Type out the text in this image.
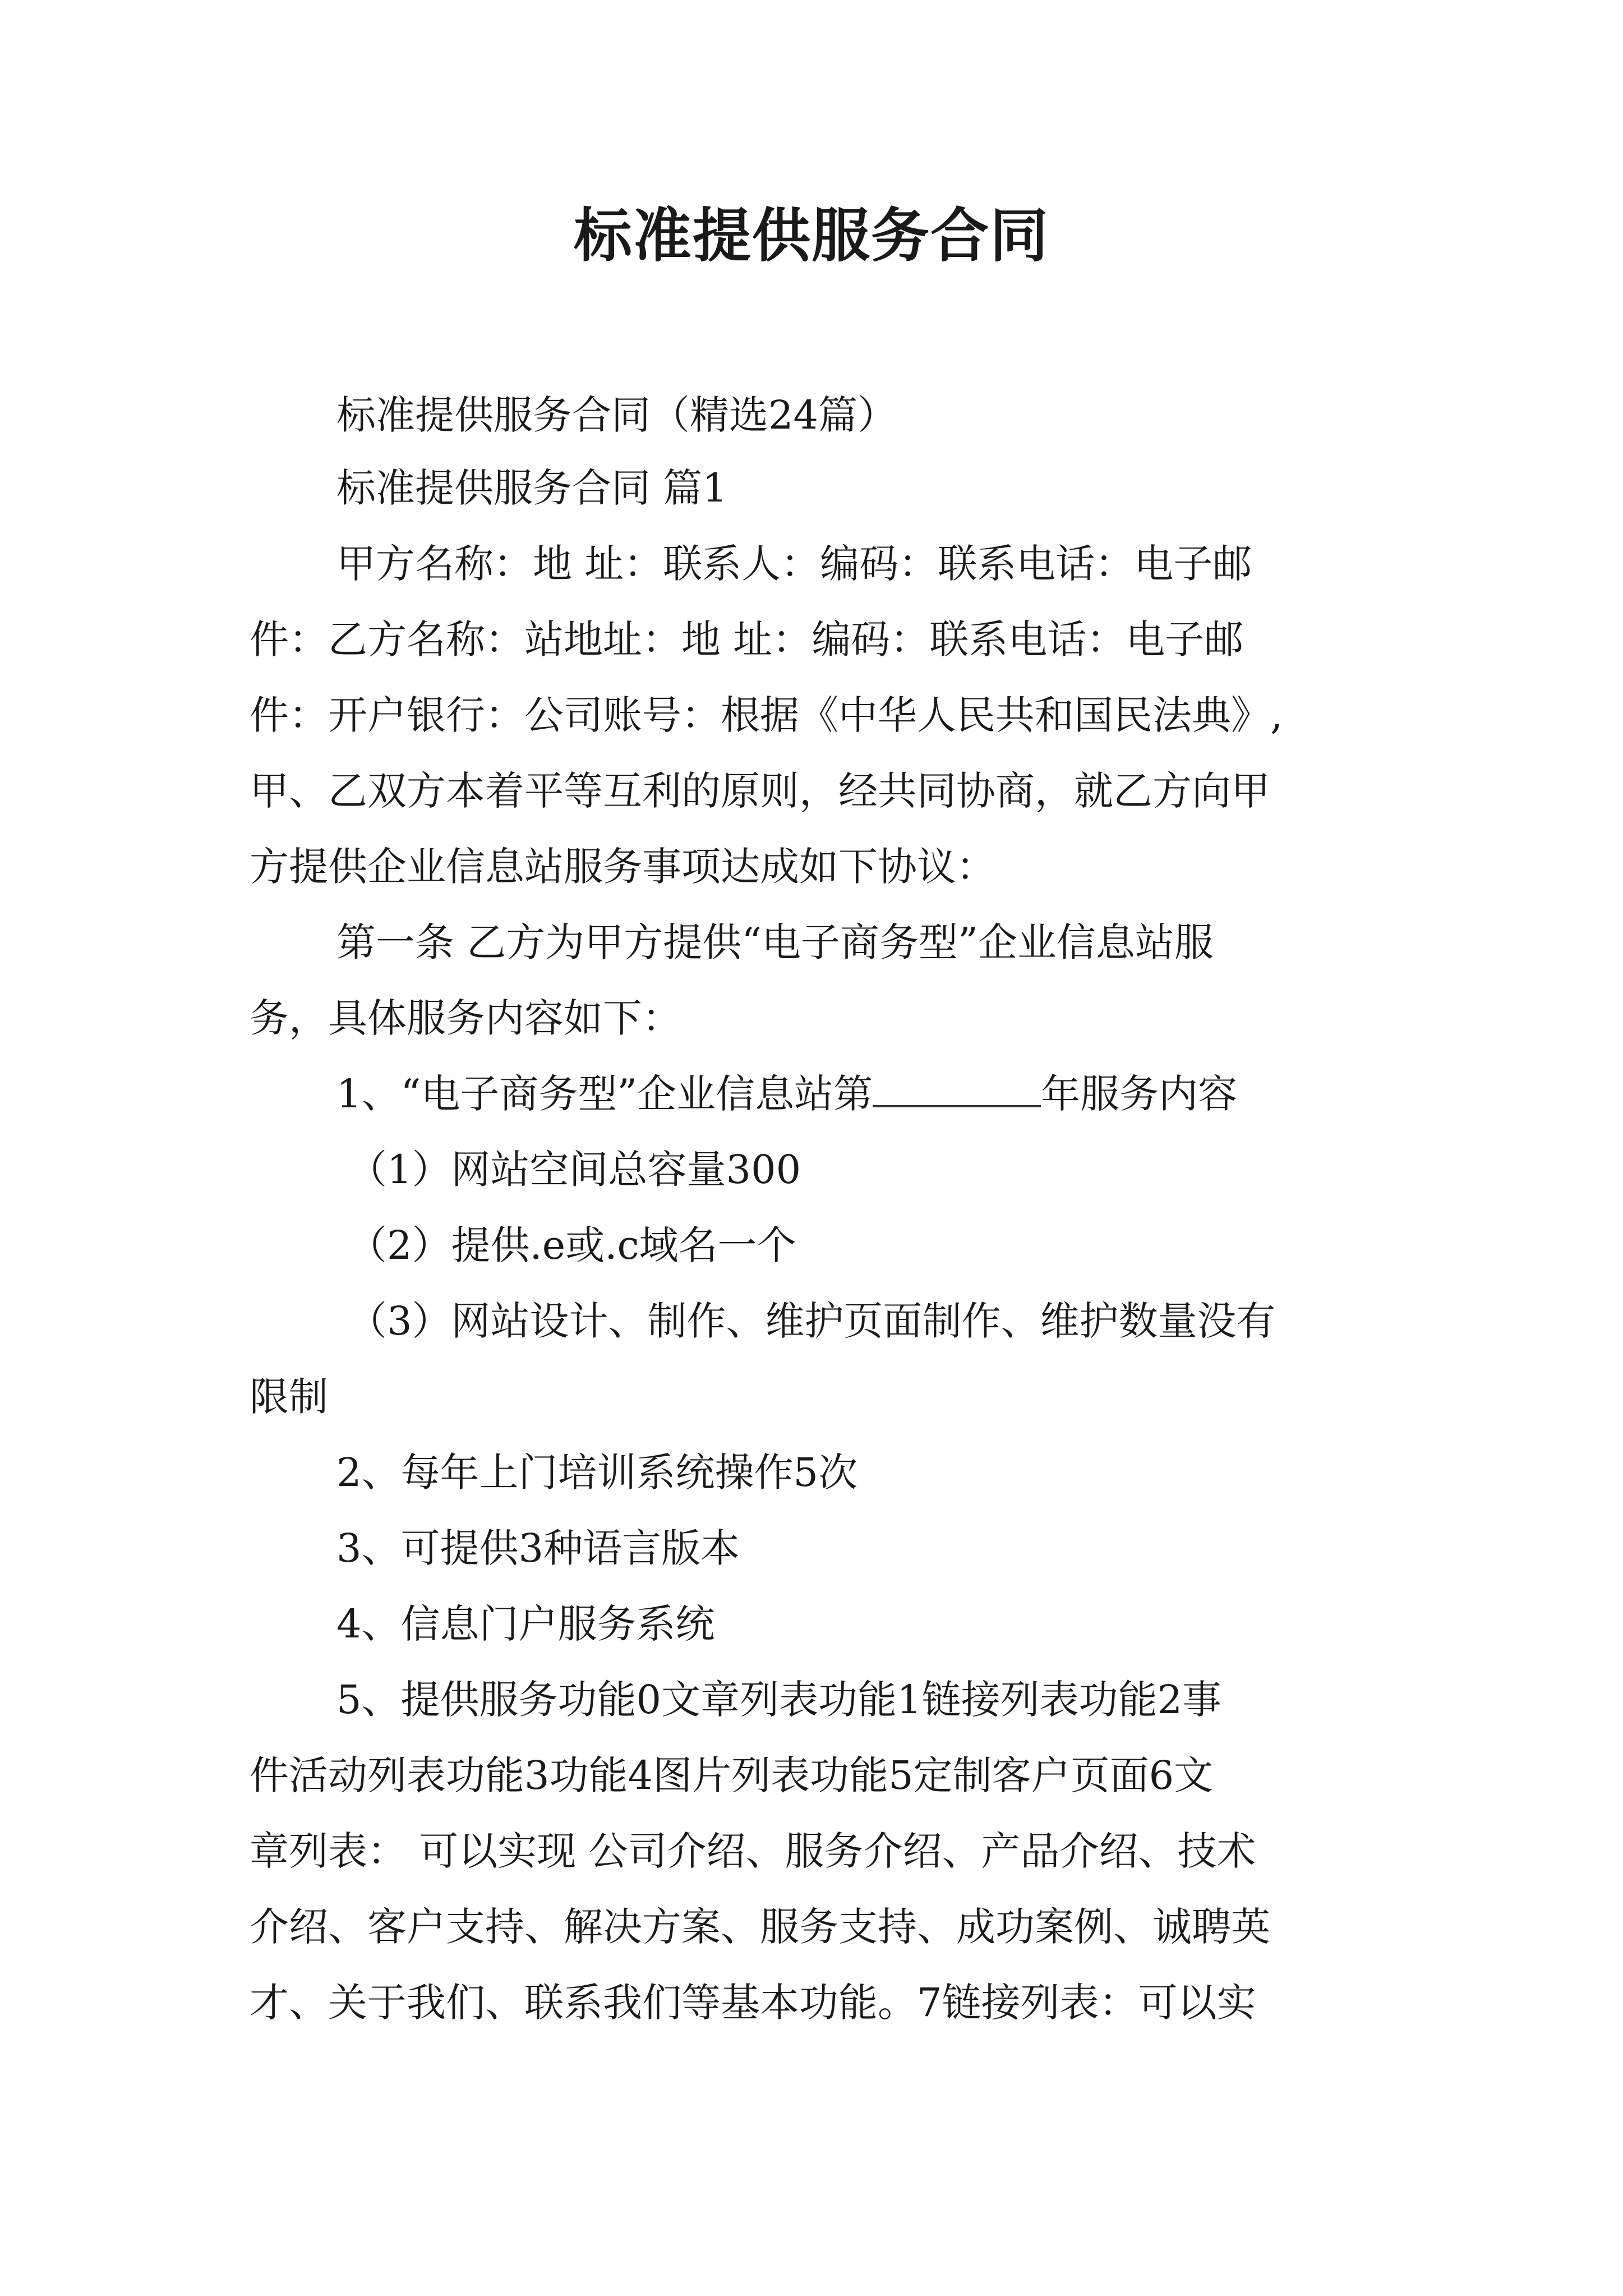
标准提供服务合同

标准提供服务合同（精选24篇）

标准提供服务合同 篇1

甲方名称：地 址：联系人：编码：联系电话：电子邮

件：乙方名称：站地址：地 址：编码：联系电话：电子邮

件：开户银行：公司账号：根据《中华人民共和国民法典》,

甲、乙双方本着平等互利的原则，经共同协商，就乙方向甲

方提供企业信息站服务事项达成如下协议：

第一条 乙方为甲方提供“电子商务型”企业信息站服

务，具体服务内容如下：

1、“电子商务型”企业信息站第	年服务内容

（1）网站空间总容量300

（2）提供.e或.c域名一个

（3）网站设计、制作、维护页面制作、维护数量没有

限制

2、每年上门培训系统操作5次

3、可提供3种语言版本

4、信息门户服务系统

5、提供服务功能0文章列表功能1链接列表功能2事

件活动列表功能3功能4图片列表功能5定制客户页面6文

章列表： 可以实现 公司介绍、服务介绍、产品介绍、技术

介绍、客户支持、解决方案、服务支持、成功案例、诚聘英

才、关于我们、联系我们等基本功能。7链接列表：可以实
